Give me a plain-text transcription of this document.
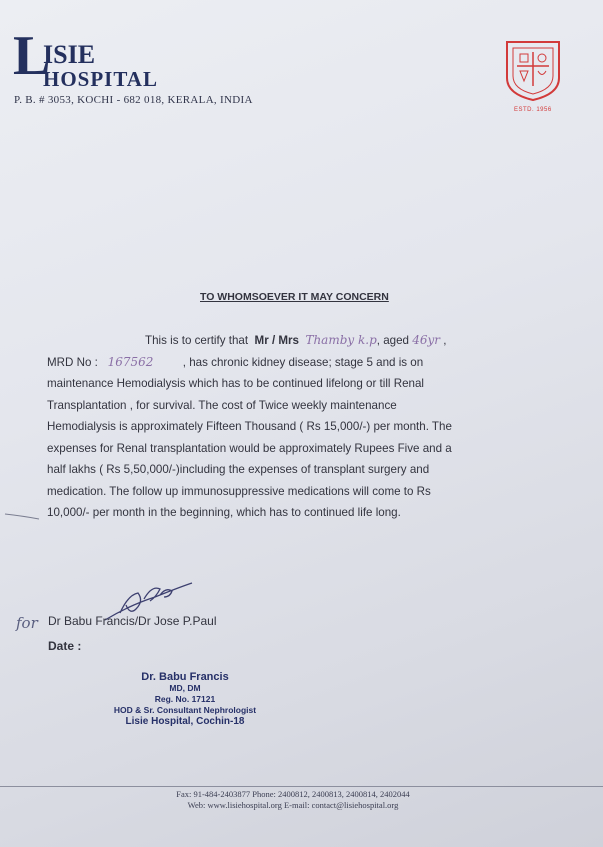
L
ISIE
HOSPITAL
P. B. # 3053, KOCHI - 682 018, KERALA, INDIA
ESTD. 1956
TO WHOMSOEVER IT MAY CONCERN
This is to certify that Mr / Mrs Thamby k.p, aged 46yr ,
MRD No : 167562	, has chronic kidney disease; stage 5 and is on
maintenance Hemodialysis which has to be continued lifelong or till Renal
Transplantation , for survival. The cost of Twice weekly maintenance
Hemodialysis is approximately Fifteen Thousand ( Rs 15,000/-) per month. The
expenses for Renal transplantation would be approximately Rupees Five and a
half lakhs ( Rs 5,50,000/-)including the expenses of transplant surgery and
medication. The follow up immunosuppressive medications will come to Rs
10,000/- per month in the beginning, which has to continued life long.
for Dr Babu Francis/Dr Jose P.Paul
Date :
Dr. Babu Francis
MD, DM
Reg. No. 17121
HOD & Sr. Consultant Nephrologist
Lisie Hospital, Cochin-18
Fax: 91-484-2403877 Phone: 2400812, 2400813, 2400814, 2402044
Web: www.lisiehospital.org E-mail: contact@lisiehospital.org
